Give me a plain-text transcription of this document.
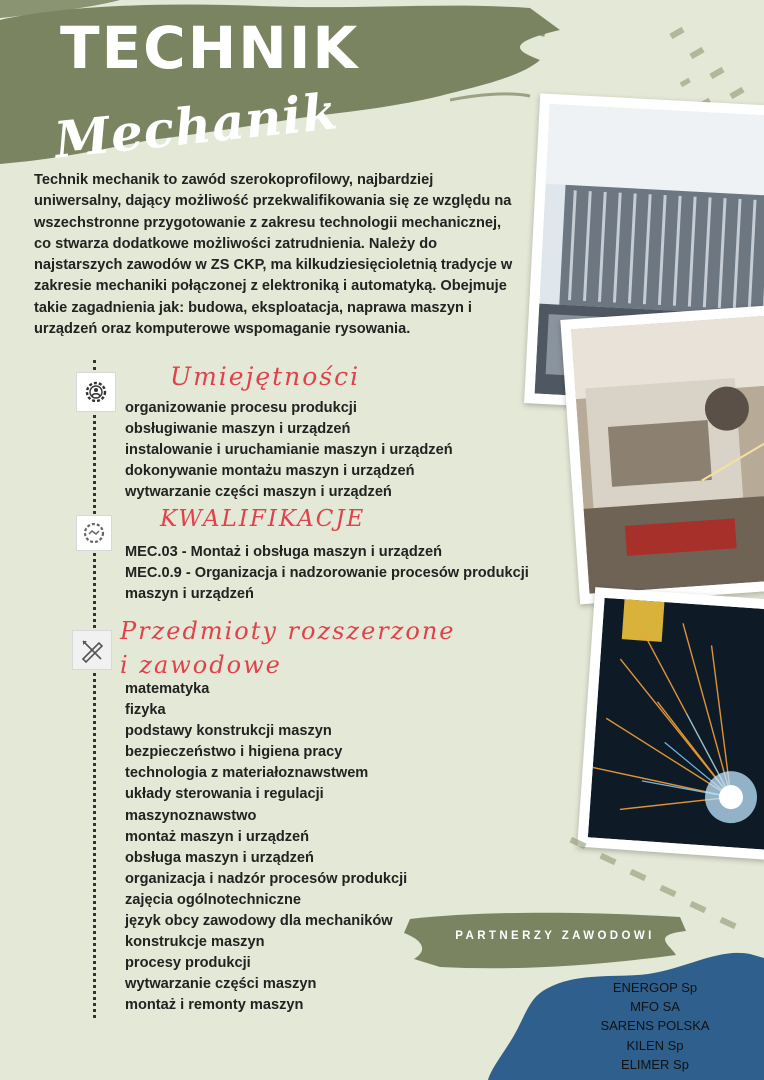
TECHNIK
Mechanik

Technik mechanik to zawód szerokoprofilowy, najbardziej uniwersalny, dający możliwość przekwalifikowania się ze względu na wszechstronne przygotowanie z zakresu technologii mechanicznej, co stwarza dodatkowe możliwości zatrudnienia. Należy do najstarszych zawodów w ZS CKP, ma kilkudziesięcioletnią tradycje w zakresie mechaniki połączonej z elektroniką i automatyką. Obejmuje takie zagadnienia jak: budowa, eksploatacja, naprawa maszyn i urządzeń oraz komputerowe wspomaganie rysowania.

Umiejętności
organizowanie procesu produkcji
obsługiwanie maszyn i urządzeń
instalowanie i uruchamianie maszyn i urządzeń
dokonywanie montażu maszyn i urządzeń
wytwarzanie części maszyn i urządzeń
KWALIFIKACJE
MEC.03 - Montaż i obsługa maszyn i urządzeń
MEC.0.9 - Organizacja i nadzorowanie procesów produkcji maszyn i urządzeń
Przedmioty rozszerzone i zawodowe
matematyka
fizyka
podstawy konstrukcji maszyn
bezpieczeństwo i higiena pracy
technologia z materiałoznawstwem
układy sterowania i regulacji
maszynoznawstwo
montaż maszyn i urządzeń
obsługa maszyn i urządzeń
organizacja i nadzór procesów produkcji
zajęcia ogólnotechniczne
język obcy zawodowy dla mechaników
konstrukcje maszyn
procesy produkcji
wytwarzanie części maszyn
montaż i remonty maszyn
PARTNERZY ZAWODOWI
ENERGOP Sp
MFO SA
SARENS POLSKA
KILEN Sp
ELIMER Sp
